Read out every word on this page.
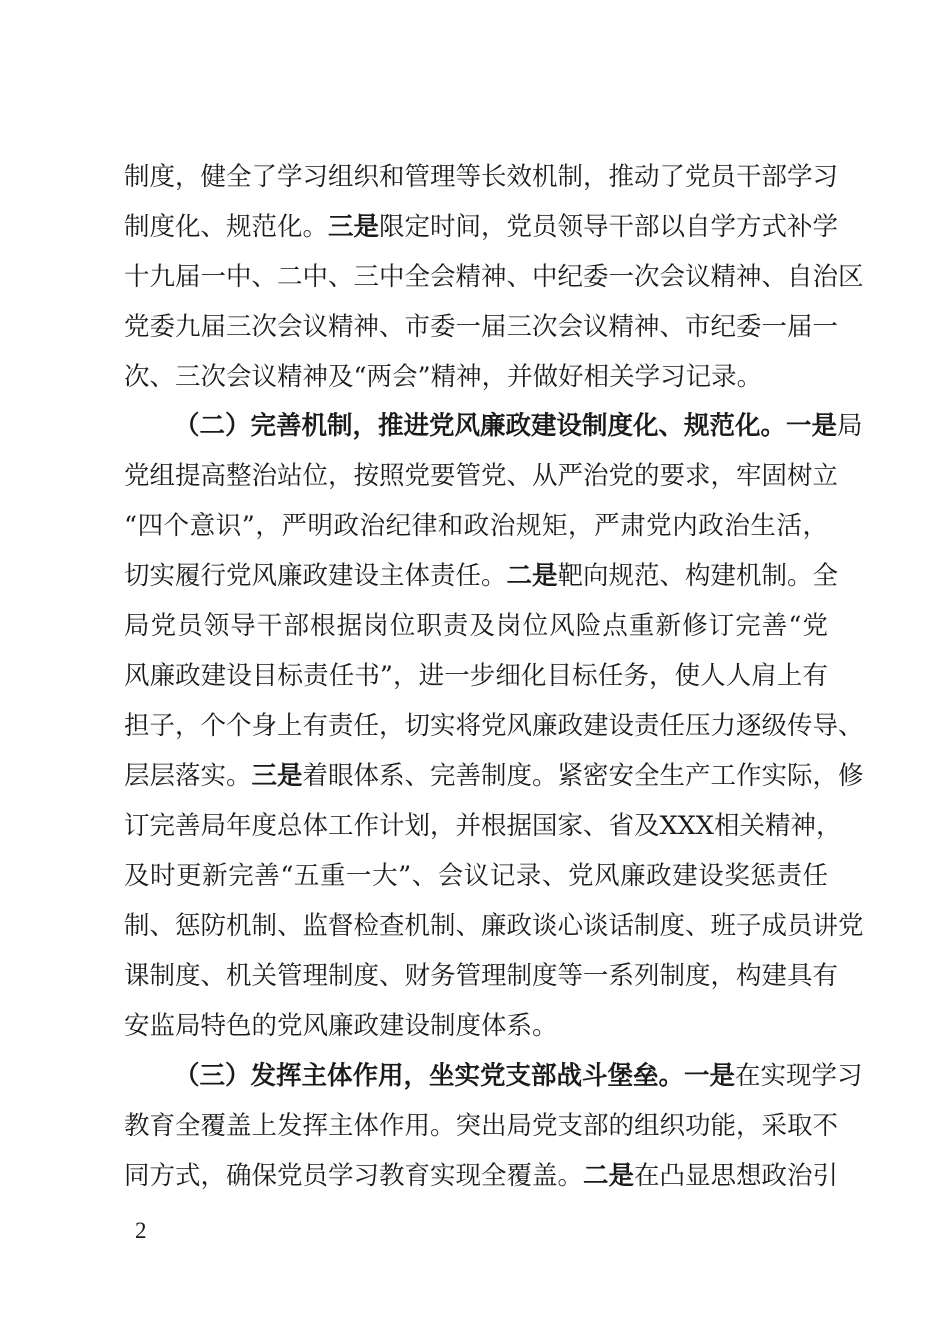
制度，健全了学习组织和管理等长效机制，推动了党员干部学习
制度化、规范化。三是限定时间，党员领导干部以自学方式补学
十九届一中、二中、三中全会精神、中纪委一次会议精神、自治区
党委九届三次会议精神、市委一届三次会议精神、市纪委一届一
次、三次会议精神及“两会”精神，并做好相关学习记录。
（二）完善机制，推进党风廉政建设制度化、规范化。一是局
党组提高整治站位，按照党要管党、从严治党的要求，牢固树立
“四个意识”，严明政治纪律和政治规矩，严肃党内政治生活，
切实履行党风廉政建设主体责任。二是靶向规范、构建机制。全
局党员领导干部根据岗位职责及岗位风险点重新修订完善“党
风廉政建设目标责任书”，进一步细化目标任务，使人人肩上有
担子，个个身上有责任，切实将党风廉政建设责任压力逐级传导、
层层落实。三是着眼体系、完善制度。紧密安全生产工作实际，修
订完善局年度总体工作计划，并根据国家、省及XXX相关精神，
及时更新完善“五重一大”、会议记录、党风廉政建设奖惩责任
制、惩防机制、监督检查机制、廉政谈心谈话制度、班子成员讲党
课制度、机关管理制度、财务管理制度等一系列制度，构建具有
安监局特色的党风廉政建设制度体系。
（三）发挥主体作用，坐实党支部战斗堡垒。一是在实现学习
教育全覆盖上发挥主体作用。突出局党支部的组织功能，采取不
同方式，确保党员学习教育实现全覆盖。二是在凸显思想政治引
2
